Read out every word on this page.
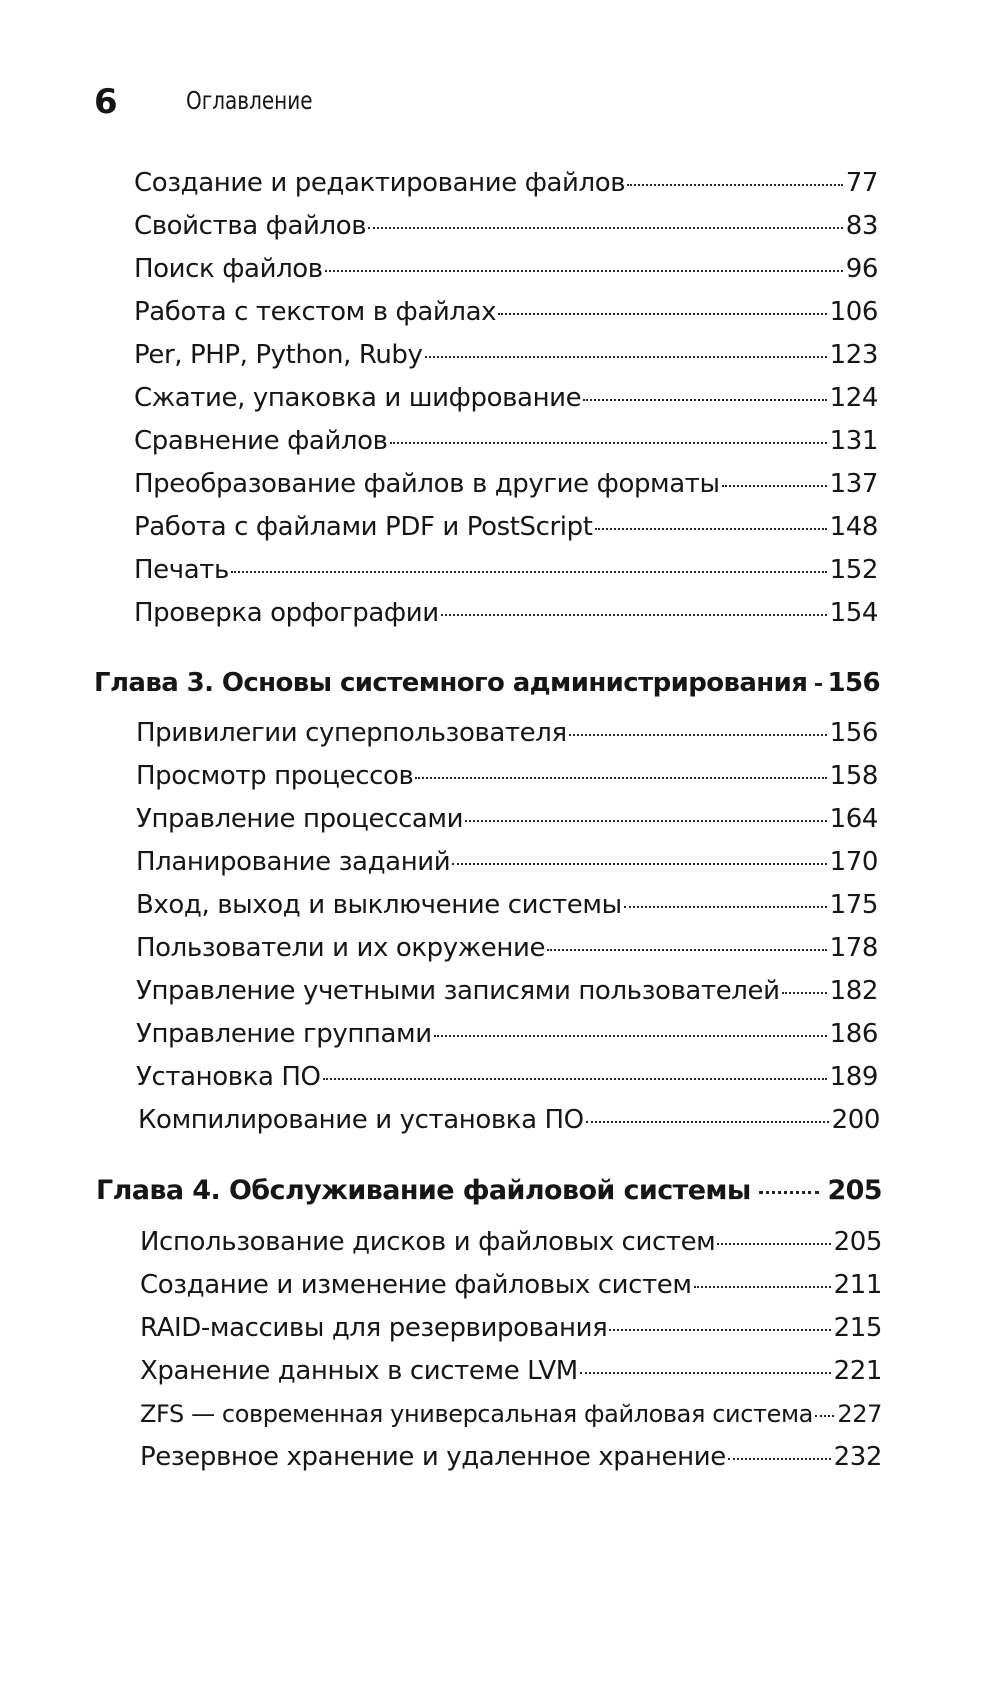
6	Оглавление
Создание и редактирование файлов	77
Свойства файлов	83
Поиск файлов	96
Работа с текстом в файлах	106
Per, PHP, Python, Ruby	123
Сжатие, упаковка и шифрование	124
Сравнение файлов	131
Преобразование файлов в другие форматы	137
Работа с файлами PDF и PostScript	148
Печать	152
Проверка орфографии	154
Глава 3. Основы системного администрирования 156
Привилегии суперпользователя	156
Просмотр процессов	158
Управление процессами	164
Планирование заданий	170
Вход, выход и выключение системы	175
Пользователи и их окружение	178
Управление учетными записями пользователей 182
Управление группами	186
Установка ПО	189
Компилирование и установка ПО	200
Глава 4. Обслуживание файловой системы	205
Использование дисков и файловых систем	205
Создание и изменение файловых систем	211
RAID-массивы для резервирования	215
Хранение данных в системе LVM	221
ZFS — современная универсальная файловая система 227
Резервное хранение и удаленное хранение	232
